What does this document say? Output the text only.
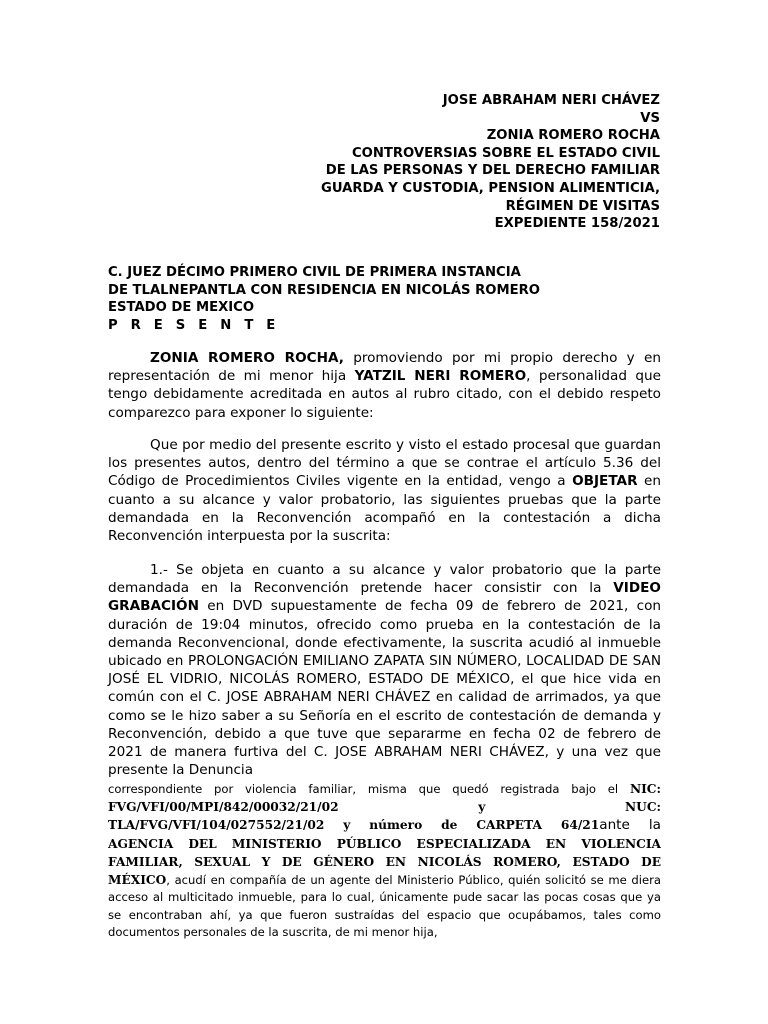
JOSE ABRAHAM NERI CHÁVEZ
VS
ZONIA ROMERO ROCHA
CONTROVERSIAS SOBRE EL ESTADO CIVIL
DE LAS PERSONAS Y DEL DERECHO FAMILIAR
GUARDA Y CUSTODIA, PENSION ALIMENTICIA,
RÉGIMEN DE VISITAS
EXPEDIENTE 158/2021
C. JUEZ DÉCIMO PRIMERO CIVIL DE PRIMERA INSTANCIA
DE TLALNEPANTLA CON RESIDENCIA EN NICOLÁS ROMERO
ESTADO DE MEXICO
P R E S E N T E
ZONIA ROMERO ROCHA, promoviendo por mi propio derecho y en representación de mi menor hija YATZIL NERI ROMERO, personalidad que tengo debidamente acreditada en autos al rubro citado, con el debido respeto comparezco para exponer lo siguiente:
Que por medio del presente escrito y visto el estado procesal que guardan los presentes autos, dentro del término a que se contrae el artículo 5.36 del Código de Procedimientos Civiles vigente en la entidad, vengo a OBJETAR en cuanto a su alcance y valor probatorio, las siguientes pruebas que la parte demandada en la Reconvención acompañó en la contestación a dicha Reconvención interpuesta por la suscrita:
1.- Se objeta en cuanto a su alcance y valor probatorio que la parte demandada en la Reconvención pretende hacer consistir con la VIDEO GRABACIÓN en DVD supuestamente de fecha 09 de febrero de 2021, con duración de 19:04 minutos, ofrecido como prueba en la contestación de la demanda Reconvencional, donde efectivamente, la suscrita acudió al inmueble ubicado en PROLONGACIÓN EMILIANO ZAPATA SIN NÚMERO, LOCALIDAD DE SAN JOSÉ EL VIDRIO, NICOLÁS ROMERO, ESTADO DE MÉXICO, el que hice vida en común con el C. JOSE ABRAHAM NERI CHÁVEZ en calidad de arrimados, ya que como se le hizo saber a su Señoría en el escrito de contestación de demanda y Reconvención, debido a que tuve que separarme en fecha 02 de febrero de 2021 de manera furtiva del C. JOSE ABRAHAM NERI CHÁVEZ, y una vez que presente la Denuncia
correspondiente por violencia familiar, misma que quedó registrada bajo el NIC:
FVG/VFI/00/MPI/842/00032/21/02	y	NUC:
TLA/FVG/VFI/104/027552/21/02 y número de CARPETA 64/21ante la
AGENCIA DEL MINISTERIO PÚBLICO ESPECIALIZADA EN VIOLENCIA
FAMILIAR, SEXUAL Y DE GÉNERO EN NICOLÁS ROMERO, ESTADO DE
MÉXICO, acudí en compañía de un agente del Ministerio Público, quién solicitó se me diera acceso al multicitado inmueble, para lo cual, únicamente pude sacar las pocas cosas que ya se encontraban ahí, ya que fueron sustraídas del espacio que ocupábamos, tales como documentos personales de la suscrita, de mi menor hija,
